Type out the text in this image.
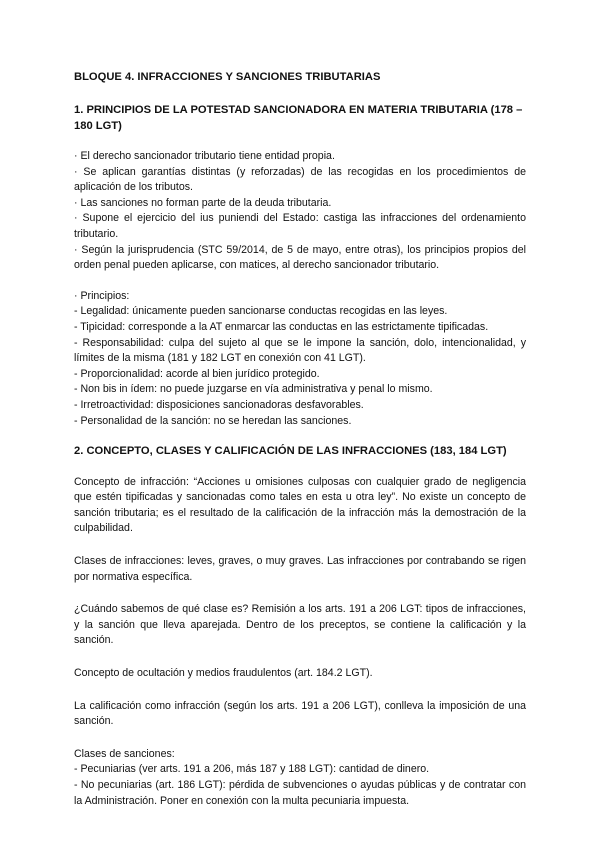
BLOQUE 4. INFRACCIONES Y SANCIONES TRIBUTARIAS
1. PRINCIPIOS DE LA POTESTAD SANCIONADORA EN MATERIA TRIBUTARIA (178 – 180 LGT)

· El derecho sancionador tributario tiene entidad propia.

· Se aplican garantías distintas (y reforzadas) de las recogidas en los procedimientos de aplicación de los tributos.

· Las sanciones no forman parte de la deuda tributaria.

· Supone el ejercicio del ius puniendi del Estado: castiga las infracciones del ordenamiento tributario.

· Según la jurisprudencia (STC 59/2014, de 5 de mayo, entre otras), los principios propios del orden penal pueden aplicarse, con matices, al derecho sancionador tributario.

· Principios:

- Legalidad: únicamente pueden sancionarse conductas recogidas en las leyes.

- Tipicidad: corresponde a la AT enmarcar las conductas en las estrictamente tipificadas.

- Responsabilidad: culpa del sujeto al que se le impone la sanción, dolo, intencionalidad, y límites de la misma (181 y 182 LGT en conexión con 41 LGT).

- Proporcionalidad: acorde al bien jurídico protegido.

- Non bis in ídem: no puede juzgarse en vía administrativa y penal lo mismo.

- Irretroactividad: disposiciones sancionadoras desfavorables.

- Personalidad de la sanción: no se heredan las sanciones.

2. CONCEPTO, CLASES Y CALIFICACIÓN DE LAS INFRACCIONES (183, 184 LGT)

Concepto de infracción: “Acciones u omisiones culposas con cualquier grado de negligencia que estén tipificadas y sancionadas como tales en esta u otra ley”. No existe un concepto de sanción tributaria; es el resultado de la calificación de la infracción más la demostración de la culpabilidad.

Clases de infracciones: leves, graves, o muy graves. Las infracciones por contrabando se rigen por normativa específica.

¿Cuándo sabemos de qué clase es? Remisión a los arts. 191 a 206 LGT: tipos de infracciones, y la sanción que lleva aparejada. Dentro de los preceptos, se contiene la calificación y la sanción.

Concepto de ocultación y medios fraudulentos (art. 184.2 LGT).

La calificación como infracción (según los arts. 191 a 206 LGT), conlleva la imposición de una sanción.

Clases de sanciones:

- Pecuniarias (ver arts. 191 a 206, más 187 y 188 LGT): cantidad de dinero.

- No pecuniarias (art. 186 LGT): pérdida de subvenciones o ayudas públicas y de contratar con la Administración. Poner en conexión con la multa pecuniaria impuesta.
